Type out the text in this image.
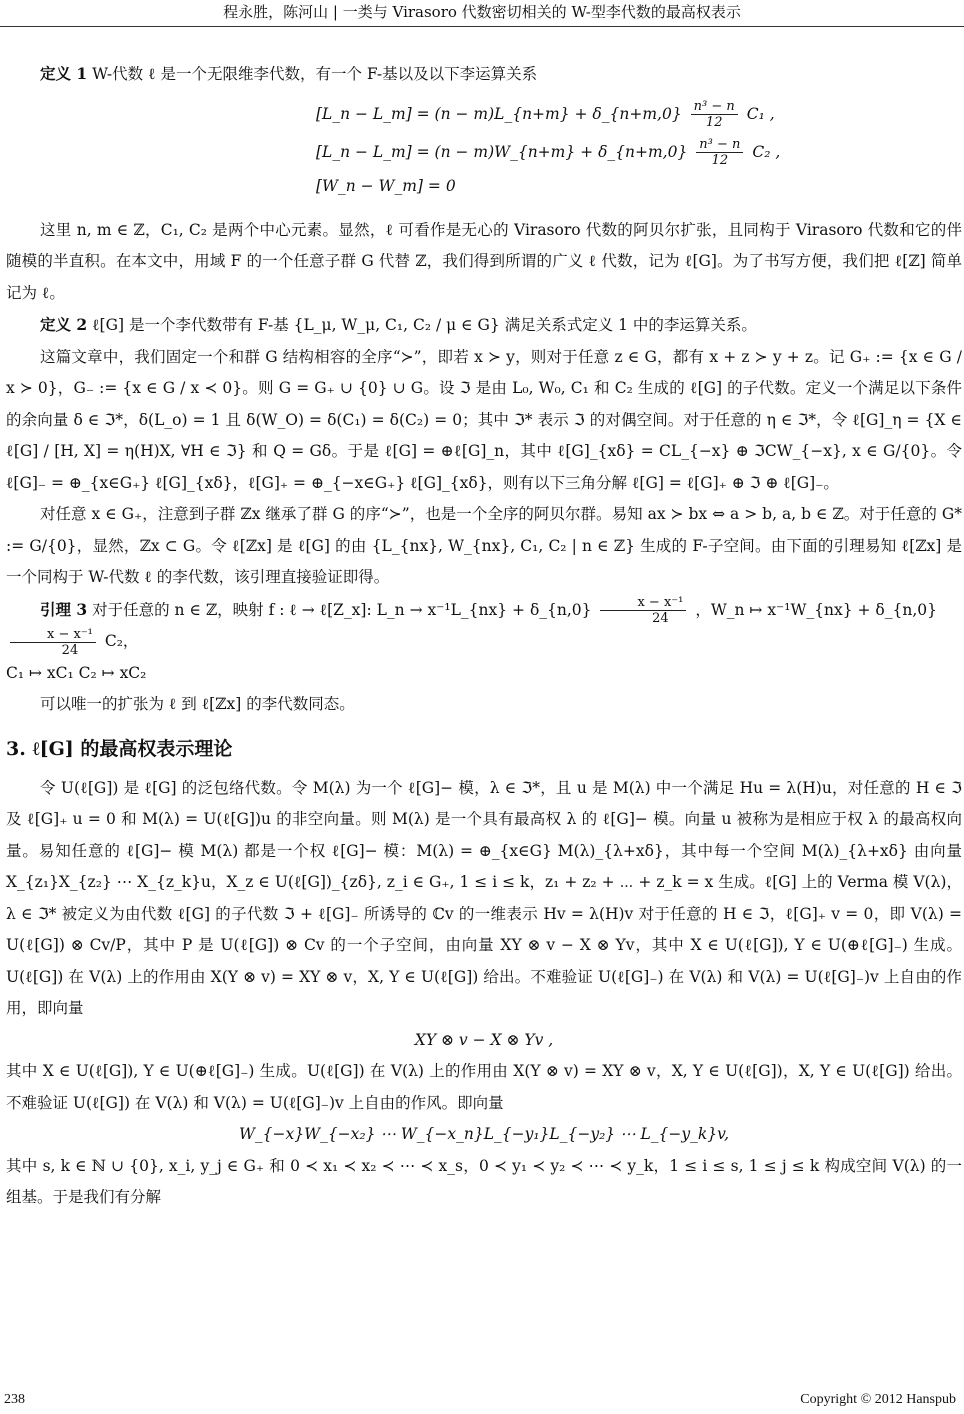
程永胜，陈河山 | 一类与 Virasoro 代数密切相关的 W-型李代数的最高权表示

定义 1 W-代数 ℓ 是一个无限维李代数，有一个 F-基以及以下李运算关系

[L_n − L_m] = (n − m)L_{n+m} + δ_{n+m,0} $\frac{\text{n³ − n}}{12} C_1$ ,
[L_n − L_m] = (n − m)W_{n+m} + δ_{n+m,0} $\frac{\text{n³ − n}}{12} C_2$ ,
[W_n − W_m] = 0

这里 n, m ∈ ℤ，C₁, C₂ 是两个中心元素。显然，ℓ 可看作是无心的 Virasoro 代数的阿贝尔扩张，且同构于 Virasoro 代数和它的伴随模的半直积。在本文中，用域 F 的一个任意子群 G 代替 ℤ，我们得到所谓的广义 ℓ 代数，记为 ℓ[G]。为了书写方便，我们把 ℓ[ℤ] 简单记为 ℓ。

定义 2 ℓ[G] 是一个李代数带有 F-基 {L_μ, W_μ, C₁, C₂ / μ ∈ G} 满足关系式定义 1 中的李运算关系。

这篇文章中，我们固定一个和群 G 结构相容的全序“≻”，即若 x ≻ y，则对于任意 z ∈ G，都有 x + z ≻ y + z。记 G₊ := {x ∈ G / x ≻ 0}，G₋ := {x ∈ G / x ≺ 0}。则 G = G₊ ∪ {0} ∪ G。设 ℑ 是由 L₀, W₀, C₁ 和 C₂ 生成的 ℓ[G] 的子代数。定义一个满足以下条件的余向量 δ ∈ ℑ*，δ(L_o) = 1 且 δ(W_O) = δ(C₁) = δ(C₂) = 0；其中 ℑ* 表示 ℑ 的对偶空间。对于任意的 η ∈ ℑ*，令 ℓ[G]_η = {X ∈ ℓ[G] / [H, X] = η(H)X, ∀H ∈ ℑ} 和 Q = Gδ。于是 ℓ[G] = ⊕ℓ[G]_n，其中 ℓ[G]_{xδ} = CL_{−x} ⊕ ℑCW_{−x}, x ∈ G/{0}。令 ℓ[G]₋ = ⊕_{x∈G₊} ℓ[G]_{xδ}，ℓ[G]₊ = ⊕_{−x∈G₊} ℓ[G]_{xδ}，则有以下三角分解 ℓ[G] = ℓ[G]₊ ⊕ ℑ ⊕ ℓ[G]₋。

对任意 x ∈ G₊，注意到子群 ℤx 继承了群 G 的序“≻”，也是一个全序的阿贝尔群。易知 ax ≻ bx ⇔ a > b, a, b ∈ ℤ。对于任意的 G* := G/{0}，显然，ℤx ⊂ G。令 ℓ[ℤx] 是 ℓ[G] 的由 {L_{nx}, W_{nx}, C₁, C₂ | n ∈ ℤ} 生成的 F-子空间。由下面的引理易知 ℓ[ℤx] 是一个同构于 W-代数 ℓ 的李代数，该引理直接验证即得。

引理 3 对于任意的 n ∈ ℤ，映射 f : ℓ → ℓ[Z_x]: L_n → x⁻¹L_{nx} + δ_{n,0} $\frac{\text{x − x⁻¹}}{24}$ ，W_n ↦ x⁻¹W_{nx} + δ_{n,0}
$\frac{\text{x − x⁻¹}}{24} C_2$，

C₁ ↦ xC₁ C₂ ↦ xC₂

可以唯一的扩张为 ℓ 到 ℓ[ℤx] 的李代数同态。

3. ℓ[G] 的最高权表示理论

令 U(ℓ[G]) 是 ℓ[G] 的泛包络代数。令 M(λ) 为一个 ℓ[G]− 模，λ ∈ ℑ*，且 u 是 M(λ) 中一个满足 Hu = λ(H)u，对任意的 H ∈ ℑ 及 ℓ[G]₊ u = 0 和 M(λ) = U(ℓ[G])u 的非空向量。则 M(λ) 是一个具有最高权 λ 的 ℓ[G]− 模。向量 u 被称为是相应于权 λ 的最高权向量。易知任意的 ℓ[G]− 模 M(λ) 都是一个权 ℓ[G]− 模：M(λ) = ⊕_{x∈G} M(λ)_{λ+xδ}，其中每一个空间 M(λ)_{λ+xδ} 由向量 X_{z₁}X_{z₂} ⋯ X_{z_k}u，X_z ∈ U(ℓ[G])_{zδ}, z_i ∈ G₊, 1 ≤ i ≤ k，z₁ + z₂ + ⋯ + z_k = x 生成。ℓ[G] 上的 Verma 模 V(λ)，λ ∈ ℑ* 被定义为由代数 ℓ[G] 的子代数 ℑ + ℓ[G]₋ 所诱导的 ℂv 的一维表示 Hv = λ(H)v 对于任意的 H ∈ ℑ，ℓ[G]₊ v = 0，即 V(λ) = U(ℓ[G]) ⊗ Cv/P，其中 P 是 U(ℓ[G]) ⊗ Cv 的一个子空间，由向量 XY ⊗ v − X ⊗ Yv，其中 X ∈ U(ℓ[G]), Y ∈ U(⊕ℓ[G]₋) 生成。U(ℓ[G]) 在 V(λ) 上的作用由 X(Y ⊗ v) = XY ⊗ v，X, Y ∈ U(ℓ[G]) 给出。不难验证 U(ℓ[G]₋) 在 V(λ) 和 V(λ) = U(ℓ[G]₋)v 上自由的作用，即向量

XY ⊗ v − X ⊗ Yv ,

其中 X ∈ U(ℓ[G]), Y ∈ U(⊕ℓ[G]₋) 生成。U(ℓ[G]) 在 V(λ) 上的作用由 X(Y ⊗ v) = XY ⊗ v，X, Y ∈ U(ℓ[G])，X, Y ∈ U(ℓ[G]) 给出。不难验证 U(ℓ[G]) 在 V(λ) 和 V(λ) = U(ℓ[G]₋)v 上自由的作风。即向量

W_{−x}W_{−x₂} ⋯ W_{−x_n}L_{−y₁}L_{−y₂} ⋯ L_{−y_k}v,

其中 s, k ∈ ℕ ∪ {0}, x_i, y_j ∈ G₊ 和 0 ≺ x₁ ≺ x₂ ≺ ⋯ ≺ x_s，0 ≺ y₁ ≺ y₂ ≺ ⋯ ≺ y_k，1 ≤ i ≤ s, 1 ≤ j ≤ k 构成空间 V(λ) 的一组基。于是我们有分解

238	Copyright © 2012 Hanspub
